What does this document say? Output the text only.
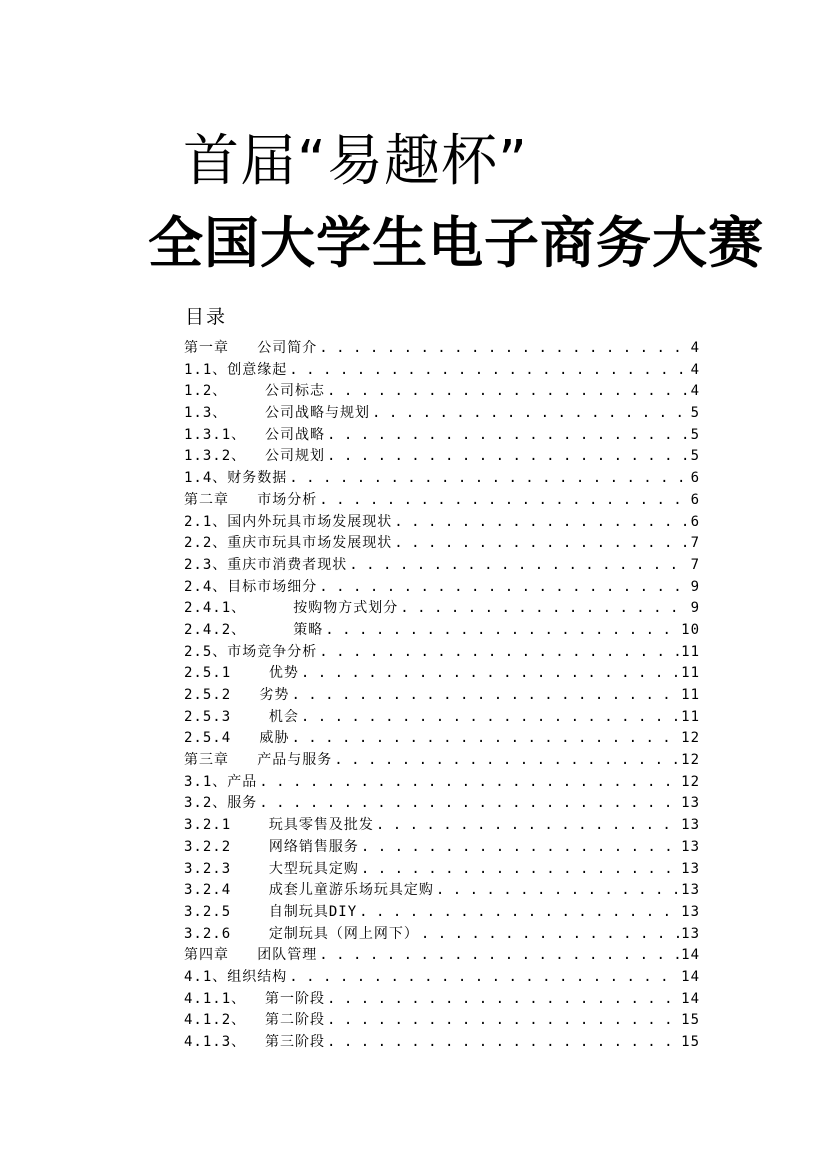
首届“易趣杯”
全国大学生电子商务大赛
目录
第一章   公司简介 . . .	4
1.1、创意缘起 . . .	4
1.2、    公司标志 . . .	4
1.3、    公司战略与规划 . . .	5
1.3.1、  公司战略 . . .	5
1.3.2、  公司规划 . . .	5
1.4、财务数据 . . .	6
第二章   市场分析 . . .	6
2.1、国内外玩具市场发展现状 . . .	6
2.2、重庆市玩具市场发展现状 . . .	7
2.3、重庆市消费者现状 . . .	7
2.4、目标市场细分 . . .	9
2.4.1、     按购物方式划分 . . .	9
2.4.2、     策略 . . .	10
2.5、市场竞争分析 . . .	11
2.5.1    优势 . . .	11
2.5.2   劣势 . . .	11
2.5.3    机会 . . .	11
2.5.4   威胁 . . .	12
第三章   产品与服务 . . .	12
3.1、产品 . . .	12
3.2、服务 . . .	13
3.2.1    玩具零售及批发 . . .	13
3.2.2    网络销售服务 . . .	13
3.2.3    大型玩具定购 . . .	13
3.2.4    成套儿童游乐场玩具定购 . . .	13
3.2.5    自制玩具DIY . . .	13
3.2.6    定制玩具（网上网下） . . .	13
第四章   团队管理 . . .	14
4.1、组织结构 . . .	14
4.1.1、  第一阶段 . . .	14
4.1.2、  第二阶段 . . .	15
4.1.3、  第三阶段 . . .	15
